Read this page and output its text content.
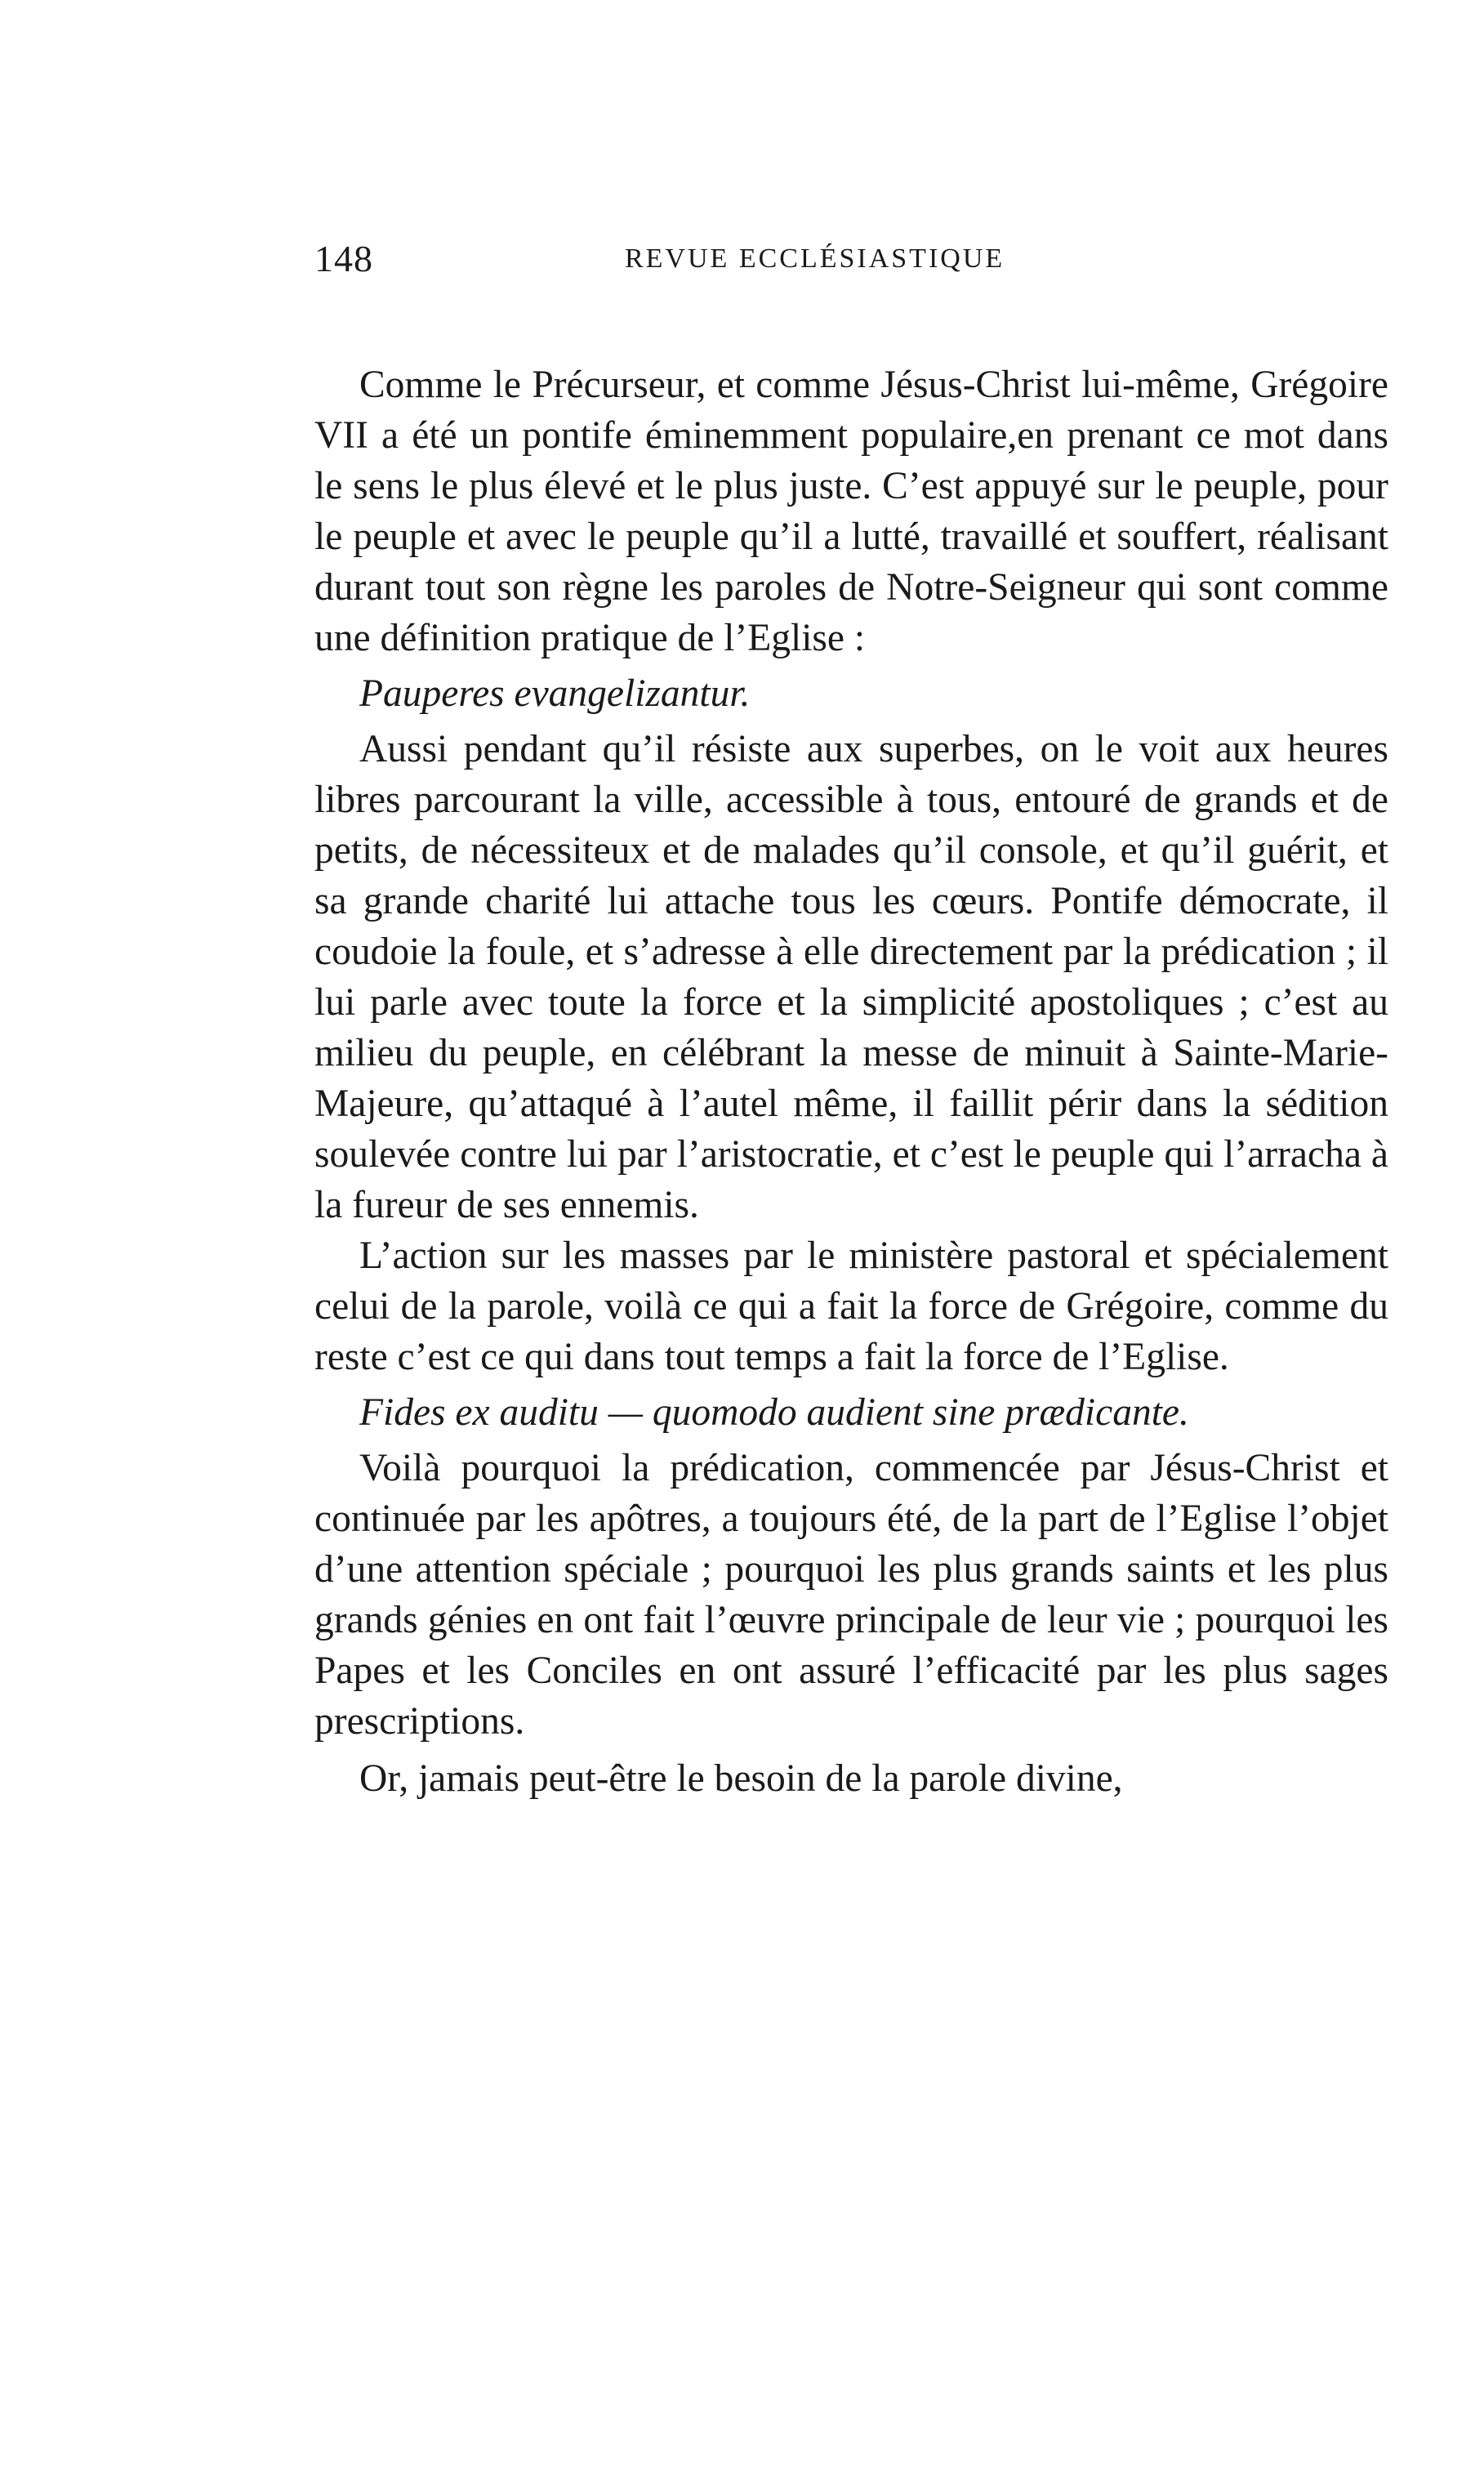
148	REVUE ECCLÉSIASTIQUE

Comme le Précurseur, et comme Jésus-Christ lui-même, Grégoire VII a été un pontife éminemment populaire,en prenant ce mot dans le sens le plus élevé et le plus juste. C’est appuyé sur le peuple, pour le peuple et avec le peuple qu’il a lutté, travaillé et souffert, réalisant durant tout son règne les paroles de Notre-Seigneur qui sont comme une définition pratique de l’Eglise :

Pauperes evangelizantur.

Aussi pendant qu’il résiste aux superbes, on le voit aux heures libres parcourant la ville, accessible à tous, entouré de grands et de petits, de nécessiteux et de malades qu’il console, et qu’il guérit, et sa grande charité lui attache tous les cœurs. Pontife démocrate, il coudoie la foule, et s’adresse à elle directement par la prédication ; il lui parle avec toute la force et la simplicité apostoliques ; c’est au milieu du peuple, en célébrant la messe de minuit à Sainte-Marie-Majeure, qu’attaqué à l’autel même, il faillit périr dans la sédition soulevée contre lui par l’aristocratie, et c’est le peuple qui l’arracha à la fureur de ses ennemis.

L’action sur les masses par le ministère pastoral et spécialement celui de la parole, voilà ce qui a fait la force de Grégoire, comme du reste c’est ce qui dans tout temps a fait la force de l’Eglise.

Fides ex auditu — quomodo audient sine prædicante.

Voilà pourquoi la prédication, commencée par Jésus-Christ et continuée par les apôtres, a toujours été, de la part de l’Eglise l’objet d’une attention spéciale ; pourquoi les plus grands saints et les plus grands génies en ont fait l’œuvre principale de leur vie ; pourquoi les Papes et les Conciles en ont assuré l’efficacité par les plus sages prescriptions.

Or, jamais peut-être le besoin de la parole divine,
